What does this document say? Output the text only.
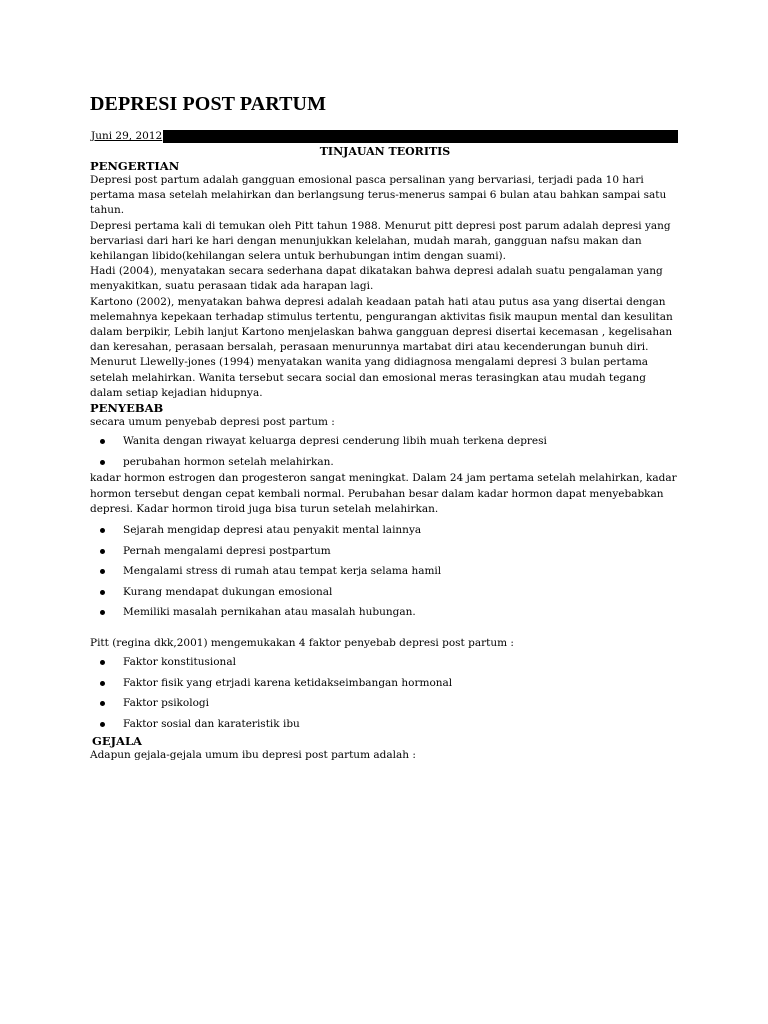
DEPRESI POST PARTUM
Juni 29, 2012
TINJAUAN TEORITIS
PENGERTIAN

Depresi post partum adalah gangguan emosional pasca persalinan yang bervariasi, terjadi pada 10 hari pertama masa setelah melahirkan dan berlangsung terus-menerus sampai 6 bulan atau bahkan sampai satu tahun.

Depresi pertama kali di temukan oleh Pitt tahun 1988. Menurut pitt depresi post parum adalah depresi yang bervariasi dari hari ke hari dengan menunjukkan kelelahan, mudah marah, gangguan nafsu makan dan kehilangan libido(kehilangan selera untuk berhubungan intim dengan suami).

Hadi (2004), menyatakan secara sederhana dapat dikatakan bahwa depresi adalah suatu pengalaman yang menyakitkan, suatu perasaan tidak ada harapan lagi.

Kartono (2002), menyatakan bahwa depresi adalah keadaan patah hati atau putus asa yang disertai dengan melemahnya kepekaan terhadap stimulus tertentu, pengurangan aktivitas fisik maupun mental dan kesulitan dalam berpikir, Lebih lanjut Kartono menjelaskan bahwa gangguan depresi disertai kecemasan , kegelisahan dan keresahan, perasaan bersalah, perasaan menurunnya martabat diri atau kecenderungan bunuh diri.

Menurut Llewelly-jones (1994) menyatakan wanita yang didiagnosa mengalami depresi 3 bulan pertama setelah melahirkan. Wanita tersebut secara social dan emosional meras terasingkan atau mudah tegang dalam setiap kejadian hidupnya.

PENYEBAB

secara umum penyebab depresi post partum :

Wanita dengan riwayat keluarga depresi cenderung libih muah terkena depresi
perubahan hormon setelah melahirkan.

kadar hormon estrogen dan progesteron sangat meningkat. Dalam 24 jam pertama setelah melahirkan, kadar hormon tersebut dengan cepat kembali normal. Perubahan besar dalam kadar hormon dapat menyebabkan depresi. Kadar hormon tiroid juga bisa turun setelah melahirkan.

Sejarah mengidap depresi atau penyakit mental lainnya
Pernah mengalami depresi postpartum
Mengalami stress di rumah atau tempat kerja selama hamil
Kurang mendapat dukungan emosional
Memiliki masalah pernikahan atau masalah hubungan.

Pitt (regina dkk,2001) mengemukakan 4 faktor penyebab depresi post partum :

Faktor konstitusional
Faktor fisik yang etrjadi karena ketidakseimbangan hormonal
Faktor psikologi
Faktor sosial dan karateristik ibu
GEJALA

Adapun gejala-gejala umum ibu depresi post partum adalah :
